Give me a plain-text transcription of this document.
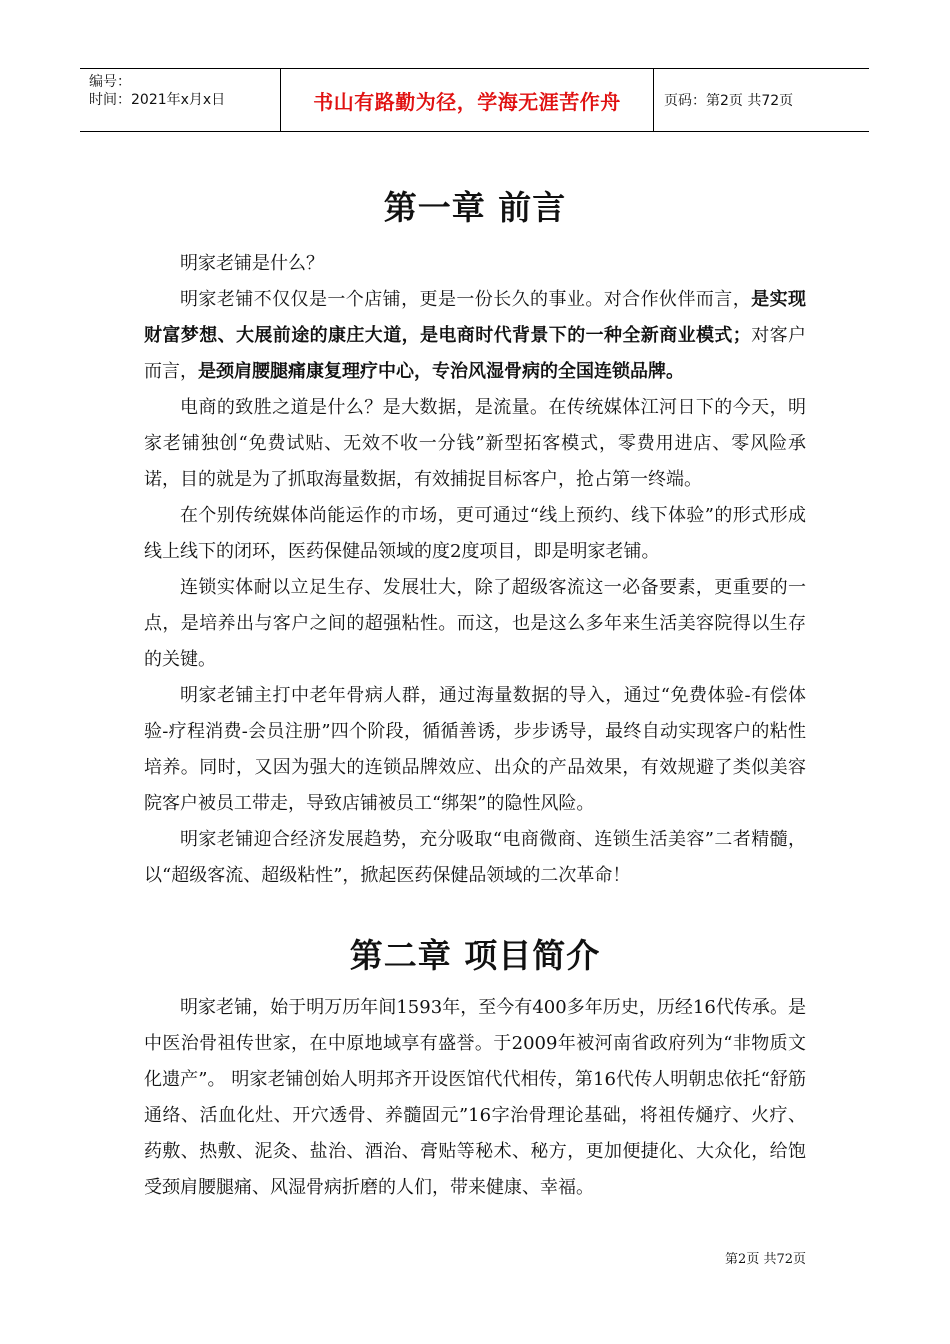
编号：
时间：2021年x月x日	书山有路勤为径，学海无涯苦作舟	页码：第2页 共72页
第一章 前言

明家老铺是什么？

明家老铺不仅仅是一个店铺，更是一份长久的事业。对合作伙伴而言，是实现财富梦想、大展前途的康庄大道，是电商时代背景下的一种全新商业模式；对客户而言，是颈肩腰腿痛康复理疗中心，专治风湿骨病的全国连锁品牌。

电商的致胜之道是什么？是大数据，是流量。在传统媒体江河日下的今天，明家老铺独创“免费试贴、无效不收一分钱”新型拓客模式，零费用进店、零风险承诺，目的就是为了抓取海量数据，有效捕捉目标客户，抢占第一终端。

在个别传统媒体尚能运作的市场，更可通过“线上预约、线下体验”的形式形成线上线下的闭环，医药保健品领域的度2度项目，即是明家老铺。

连锁实体耐以立足生存、发展壮大，除了超级客流这一必备要素，更重要的一点，是培养出与客户之间的超强粘性。而这，也是这么多年来生活美容院得以生存的关键。

明家老铺主打中老年骨病人群，通过海量数据的导入，通过“免费体验-有偿体验-疗程消费-会员注册”四个阶段，循循善诱，步步诱导，最终自动实现客户的粘性培养。同时，又因为强大的连锁品牌效应、出众的产品效果，有效规避了类似美容院客户被员工带走，导致店铺被员工“绑架”的隐性风险。

明家老铺迎合经济发展趋势，充分吸取“电商微商、连锁生活美容”二者精髓，以“超级客流、超级粘性”，掀起医药保健品领域的二次革命！

第二章 项目简介

明家老铺，始于明万历年间1593年，至今有400多年历史，历经16代传承。是中医治骨祖传世家，在中原地域享有盛誉。于2009年被河南省政府列为“非物质文化遗产”。 明家老铺创始人明邦齐开设医馆代代相传，第16代传人明朝忠依托“舒筋通络、活血化灶、开穴透骨、养髓固元”16字治骨理论基础，将祖传熥疗、火疗、药敷、热敷、泥灸、盐治、酒治、膏贴等秘术、秘方，更加便捷化、大众化，给饱受颈肩腰腿痛、风湿骨病折磨的人们，带来健康、幸福。

第2页 共72页
